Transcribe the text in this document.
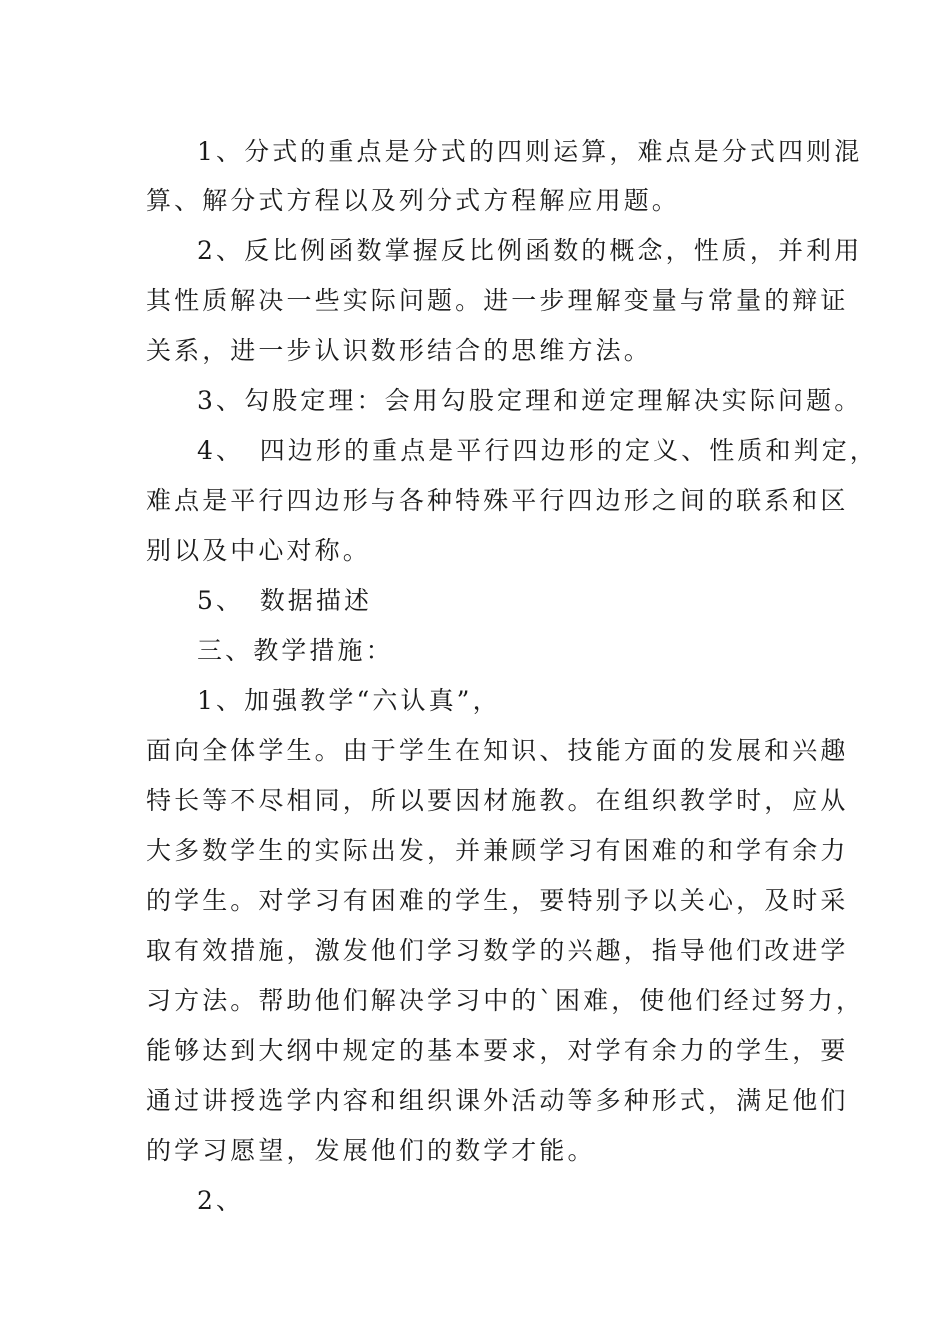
1、分式的重点是分式的四则运算，难点是分式四则混
算、解分式方程以及列分式方程解应用题。
2、反比例函数掌握反比例函数的概念，性质，并利用
其性质解决一些实际问题。进一步理解变量与常量的辩证
关系，进一步认识数形结合的思维方法。
3、勾股定理：会用勾股定理和逆定理解决实际问题。
4、　四边形的重点是平行四边形的定义、性质和判定，
难点是平行四边形与各种特殊平行四边形之间的联系和区
别以及中心对称。
5、　数据描述
三、教学措施：
1、加强教学“六认真”，
面向全体学生。由于学生在知识、技能方面的发展和兴趣
特长等不尽相同，所以要因材施教。在组织教学时，应从
大多数学生的实际出发，并兼顾学习有困难的和学有余力
的学生。对学习有困难的学生，要特别予以关心，及时采
取有效措施，激发他们学习数学的兴趣，指导他们改进学
习方法。帮助他们解决学习中的`困难，使他们经过努力，
能够达到大纲中规定的基本要求，对学有余力的学生，要
通过讲授选学内容和组织课外活动等多种形式，满足他们
的学习愿望，发展他们的数学才能。
2、
